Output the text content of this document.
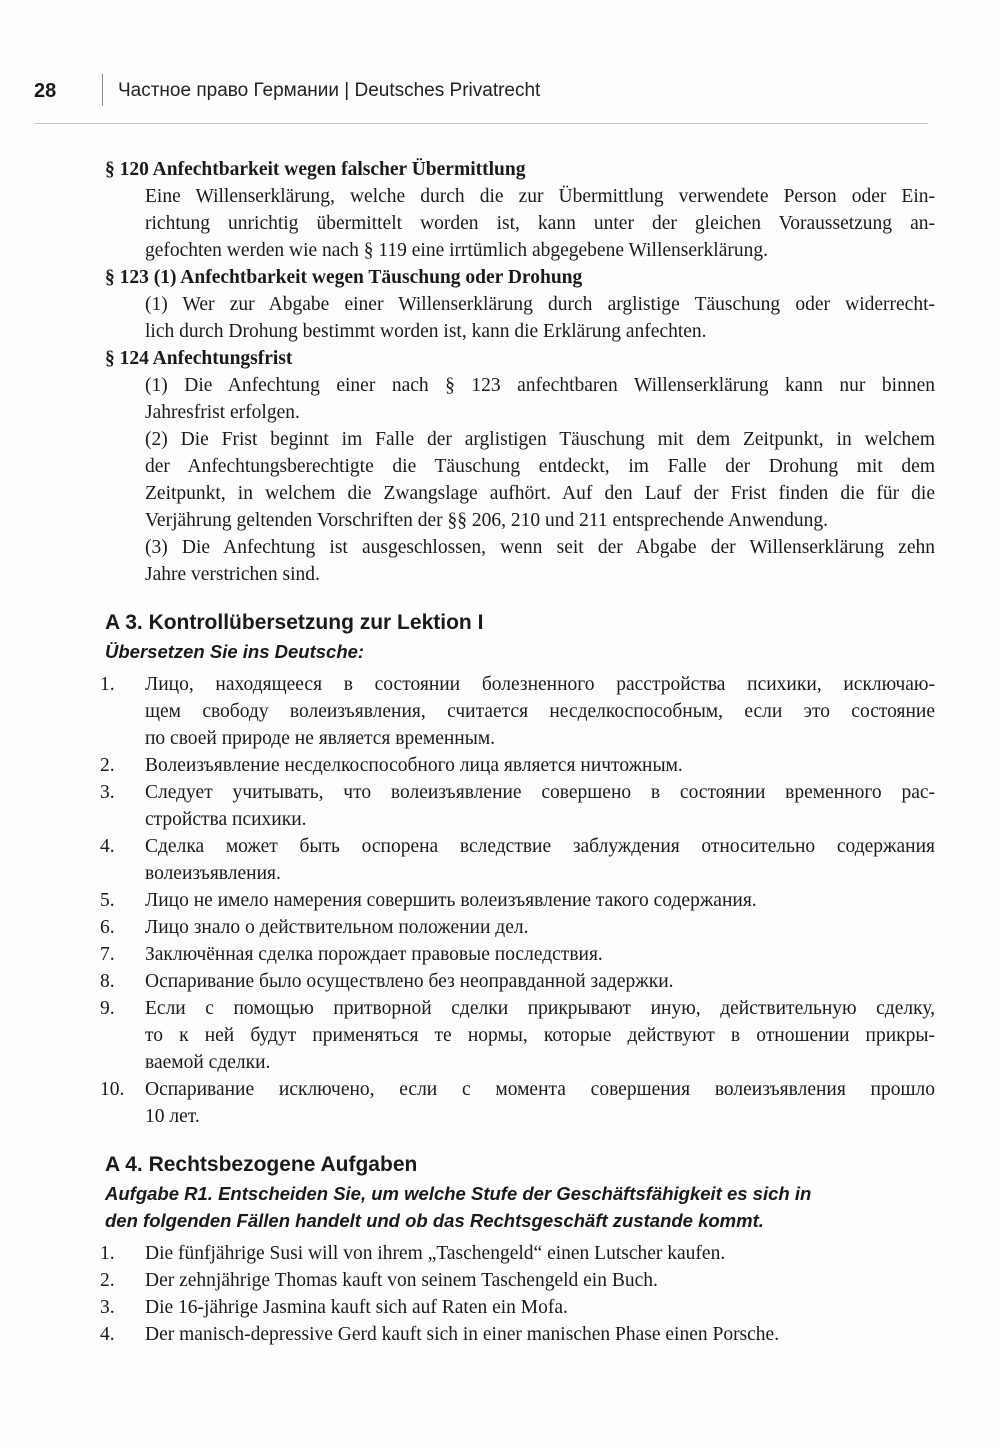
28	Частное право Германии | Deutsches Privatrecht
§ 120 Anfechtbarkeit wegen falscher Übermittlung
Eine Willenserklärung, welche durch die zur Übermittlung verwendete Person oder Ein-
richtung unrichtig übermittelt worden ist, kann unter der gleichen Voraussetzung an-
gefochten werden wie nach § 119 eine irrtümlich abgegebene Willenserklärung.
§ 123 (1) Anfechtbarkeit wegen Täuschung oder Drohung
(1) Wer zur Abgabe einer Willenserklärung durch arglistige Täuschung oder widerrecht-
lich durch Drohung bestimmt worden ist, kann die Erklärung anfechten.
§ 124 Anfechtungsfrist
(1) Die Anfechtung einer nach § 123 anfechtbaren Willenserklärung kann nur binnen
Jahresfrist erfolgen.
(2) Die Frist beginnt im Falle der arglistigen Täuschung mit dem Zeitpunkt, in welchem
der Anfechtungsberechtigte die Täuschung entdeckt, im Falle der Drohung mit dem
Zeitpunkt, in welchem die Zwangslage aufhört. Auf den Lauf der Frist finden die für die
Verjährung geltenden Vorschriften der §§ 206, 210 und 211 entsprechende Anwendung.
(3) Die Anfechtung ist ausgeschlossen, wenn seit der Abgabe der Willenserklärung zehn
Jahre verstrichen sind.
A 3. Kontrollübersetzung zur Lektion I
Übersetzen Sie ins Deutsche:
1.	Лицо, находящееся в состоянии болезненного расстройства психики, исключаю-
щем свободу волеизъявления, считается несделкоспособным, если это состояние
по своей природе не является временным.
2.	Волеизъявление несделкоспособного лица является ничтожным.
3.	Следует учитывать, что волеизъявление совершено в состоянии временного рас-
стройства психики.
4.	Сделка может быть оспорена вследствие заблуждения относительно содержания
волеизъявления.
5.	Лицо не имело намерения совершить волеизъявление такого содержания.
6.	Лицо знало о действительном положении дел.
7.	Заключённая сделка порождает правовые последствия.
8.	Оспаривание было осуществлено без неоправданной задержки.
9.	Если с помощью притворной сделки прикрывают иную, действительную сделку,
то к ней будут применяться те нормы, которые действуют в отношении прикры-
ваемой сделки.
10.	Оспаривание исключено, если с момента совершения волеизъявления прошло
10 лет.
A 4. Rechtsbezogene Aufgaben
Aufgabe R1. Entscheiden Sie, um welche Stufe der Geschäftsfähigkeit es sich in
den folgenden Fällen handelt und ob das Rechtsgeschäft zustande kommt.
1.	Die fünfjährige Susi will von ihrem „Taschengeld“ einen Lutscher kaufen.
2.	Der zehnjährige Thomas kauft von seinem Taschengeld ein Buch.
3.	Die 16-jährige Jasmina kauft sich auf Raten ein Mofa.
4.	Der manisch-depressive Gerd kauft sich in einer manischen Phase einen Porsche.
